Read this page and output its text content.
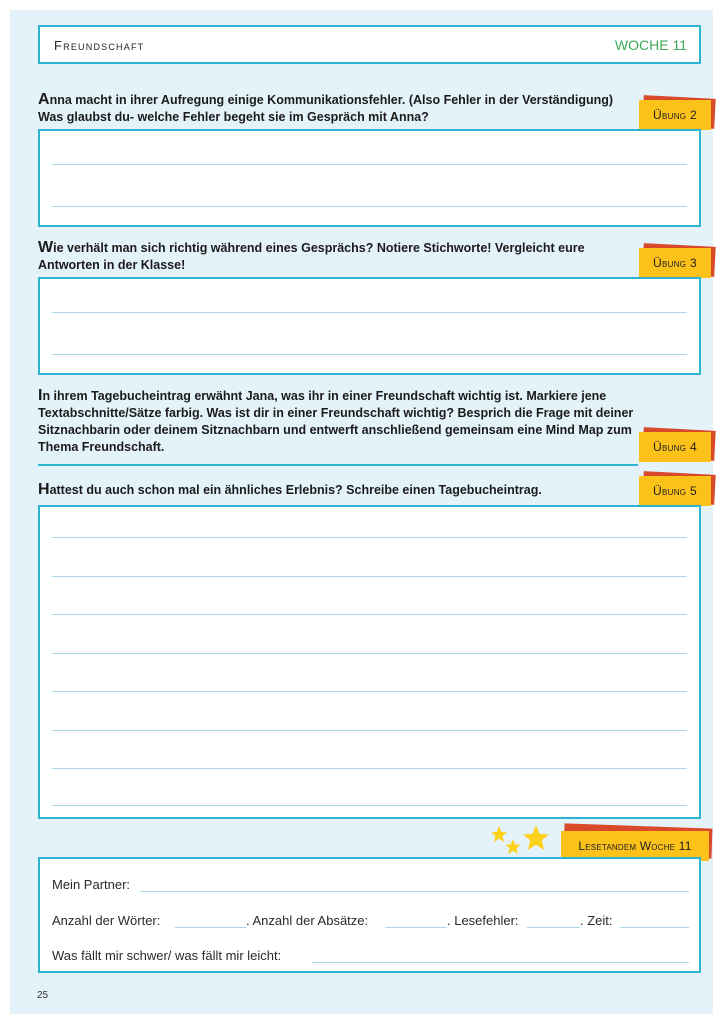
Freundschaft	WOCHE 11
Anna macht in ihrer Aufregung einige Kommunikationsfehler. (Also Fehler in der Verständigung) Was glaubst du- welche Fehler begeht sie im Gespräch mit Anna?	Übung 2
Wie verhält man sich richtig während eines Gesprächs? Notiere Stichworte! Vergleicht eure Antworten in der Klasse!	Übung 3
In ihrem Tagebucheintrag erwähnt Jana, was ihr in einer Freundschaft wichtig ist. Markiere jene Textabschnitte/Sätze farbig. Was ist dir in einer Freundschaft wichtig? Besprich die Frage mit deiner Sitznachbarin oder deinem Sitznachbarn und entwerft anschließend gemeinsam eine Mind Map zum Thema Freundschaft.	Übung 4
Hattest du auch schon mal ein ähnliches Erlebnis? Schreibe einen Tagebucheintrag.	Übung 5
Lesetandem Woche 11
Mein Partner:
Anzahl der Wörter:	. Anzahl der Absätze:	. Lesefehler:	. Zeit:
Was fällt mir schwer/ was fällt mir leicht:
25
